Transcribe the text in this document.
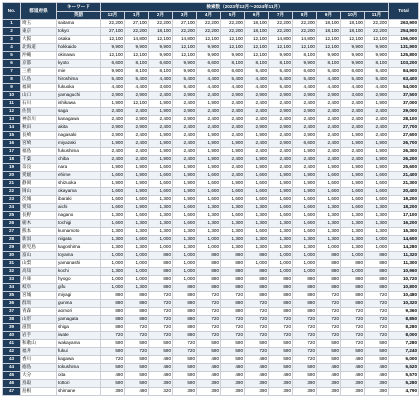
No.	都道府県	キーワード	検索数（2023年12月〜2024年11月）												Total
		英語	12月	1月	2月	3月	4月	5月	6月	7月	8月	9月	10月	11月	
1	埼玉	saitama	22,200	27,100	22,200	27,100	22,200	22,200	18,100	22,200	22,200	18,100	18,100	22,200	263,900
2	東京	tokyo	27,100	22,200	18,100	22,200	22,200	22,200	18,100	22,200	22,200	18,100	18,100	22,200	254,900
3	大阪	osaka	12,100	14,800	12,100	14,800	12,100	12,100	12,100	14,800	14,800	12,100	12,100	12,100	156,000
4	北海道	hokkaido	9,900	9,900	9,900	12,100	9,900	12,100	12,100	12,100	12,100	12,100	9,900	9,900	131,900
5	沖縄	okinawa	12,100	12,100	9,900	12,100	9,900	9,900	12,100	9,900	8,100	9,900	9,900	9,900	125,800
6	京都	kyoto	6,600	8,100	6,600	9,900	6,600	8,100	8,100	8,100	9,900	8,100	9,900	8,100	103,200
7	三重	mie	9,900	8,100	8,100	9,900	6,600	6,600	5,400	5,400	6,600	5,400	6,600	5,400	84,900
8	広島	hiroshima	5,400	5,400	4,400	5,400	4,400	5,400	4,400	5,400	5,400	4,400	5,400	5,400	63,400
9	福岡	fukuoka	4,400	4,400	3,600	5,400	4,400	4,400	4,400	5,400	4,400	4,400	4,400	4,400	54,000
10	山口	yamaguchi	2,900	2,900	2,400	2,900	2,400	2,900	2,900	2,900	2,900	2,900	3,600	2,900	37,500
11	石川	ishikawa	1,900	12,100	1,900	2,400	1,900	2,400	2,400	2,400	2,400	2,400	2,400	1,900	37,000
12	佐賀	saga	2,400	2,400	1,900	2,900	2,400	2,400	2,400	2,900	2,900	2,400	2,400	2,400	29,000
13	神奈川	kanagawa	2,400	2,900	2,400	2,900	2,400	2,400	2,400	2,400	2,400	2,400	2,400	2,400	28,100
14	秋田	akita	2,900	2,900	2,400	2,400	2,400	2,400	2,900	2,900	2,400	2,400	2,400	2,400	27,700
15	長崎	nagasaki	2,900	2,400	1,900	2,400	1,900	2,400	1,900	2,400	2,900	2,400	1,900	2,400	27,600
16	宮崎	miyazaki	1,900	2,400	1,900	2,400	1,900	1,900	2,400	2,900	6,600	2,400	1,900	1,900	26,700
17	福島	fukushima	2,400	2,400	1,900	2,400	1,900	1,900	2,400	2,400	1,900	2,400	2,400	1,900	26,300
18	千葉	chiba	2,400	2,400	1,900	2,400	1,900	2,400	1,900	2,400	2,400	2,400	2,400	1,900	26,200
19	奈良	nara	1,900	1,900	1,600	1,900	1,900	2,400	1,900	2,400	2,400	1,900	1,900	1,900	25,600
20	愛媛	ehime	1,600	1,900	1,600	1,900	1,600	2,400	1,600	1,900	1,900	1,600	1,900	1,600	21,400
21	静岡	shizuoka	1,900	1,900	1,600	1,900	1,600	1,900	1,600	1,900	1,900	1,600	1,900	1,600	21,300
22	岡山	okayama	1,600	1,900	1,600	1,900	1,600	1,600	1,600	1,900	1,900	1,600	1,600	1,600	20,400
23	茨城	ibaraki	1,600	1,600	1,300	1,900	1,600	1,600	1,600	1,600	1,600	1,600	1,600	1,600	19,200
24	愛知	aichi	1,600	1,900	1,300	1,600	1,300	1,300	1,300	1,600	1,600	1,300	1,600	1,300	18,200
25	長野	nagano	1,300	1,600	1,300	1,600	1,300	1,600	1,300	1,600	1,600	1,300	1,300	1,300	17,100
26	栃木	tochigi	1,600	1,300	1,300	1,600	1,300	1,300	1,300	1,300	1,600	1,300	1,300	1,300	16,200
27	熊本	kumamoto	1,300	1,300	1,300	1,300	1,300	1,300	1,600	1,300	1,600	1,300	1,300	1,300	15,300
28	新潟	niigata	1,300	1,600	1,000	1,300	1,000	1,300	1,300	1,300	1,300	1,300	1,300	1,000	14,600
29	鹿児島	kagoshima	1,300	1,300	1,000	1,300	1,000	1,300	1,300	1,300	1,300	1,000	1,300	1,000	14,280
30	富山	toyama	1,000	1,000	880	1,000	880	880	880	1,000	1,000	880	1,000	880	11,320
31	山梨	yamanashi	1,000	1,000	880	1,000	880	880	1,000	1,000	1,000	880	880	880	11,300
32	高知	kochi	1,300	1,000	880	1,000	880	880	880	1,000	1,000	880	1,000	880	10,960
33	兵庫	hyogo	1,000	1,000	880	1,000	880	880	880	880	880	880	880	880	10,720
34	岐阜	gifu	1,000	1,300	880	880	880	880	880	880	880	880	880	880	10,800
35	宮城	miyagi	880	880	720	880	720	720	880	880	880	720	880	720	10,480
36	群馬	gunma	880	880	720	880	720	880	720	880	880	720	880	720	10,320
37	青森	aomori	880	880	720	880	720	880	720	880	880	720	720	720	9,360
38	山形	yamagata	880	880	720	880	720	720	720	720	720	720	720	720	8,850
39	滋賀	shiga	880	720	720	880	720	720	720	720	720	720	720	720	8,280
40	岩手	iwate	720	720	720	880	720	720	720	720	720	720	720	720	8,000
41	和歌山	wakayama	590	590	590	720	590	590	590	590	720	590	720	590	7,280
42	福井	fukui	590	720	590	720	590	590	720	590	720	590	590	590	7,240
43	香川	kagawa	720	590	480	590	480	590	480	590	720	590	480	590	6,000
44	徳島	tokushima	590	590	480	590	480	480	480	590	590	480	480	480	6,520
45	大分	oita	480	590	480	590	480	480	480	480	590	480	480	480	5,570
46	鳥取	tottori	590	590	390	590	390	390	390	390	390	390	390	390	5,280
47	島根	shimane	390	480	320	390	390	390	390	390	390	390	390	390	4,790
